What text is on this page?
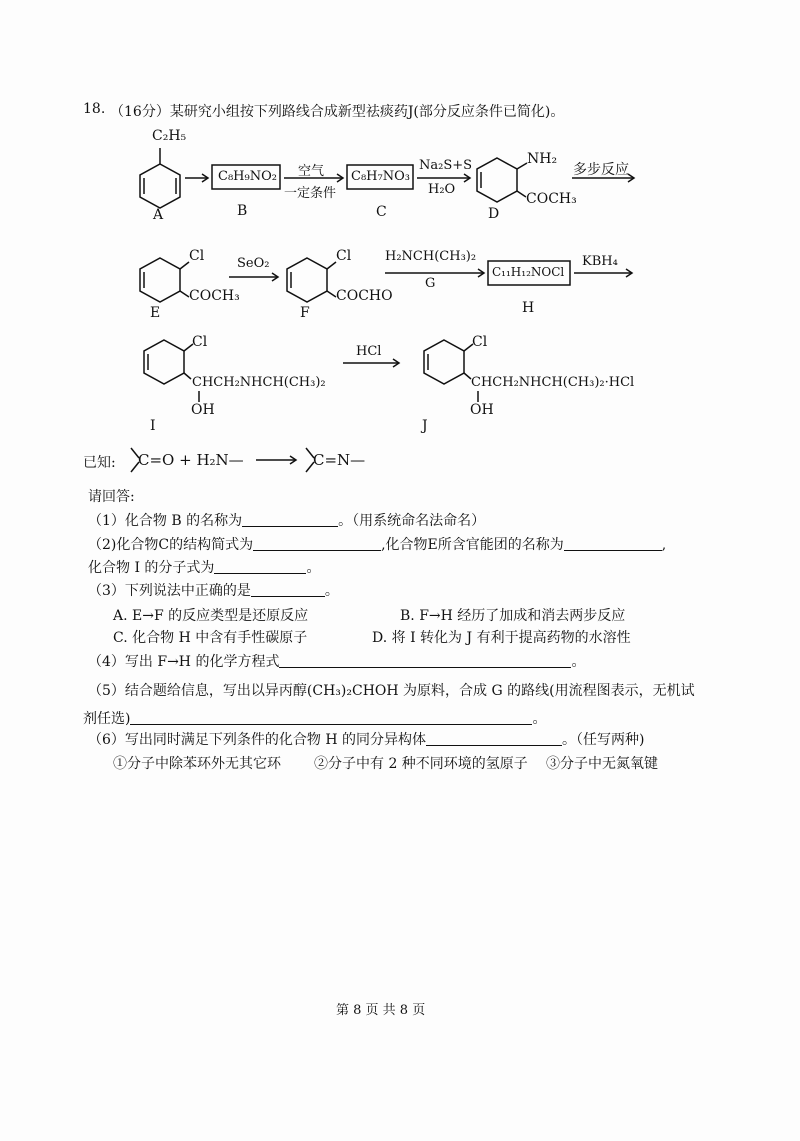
18. （16分）某研究小组按下列路线合成新型祛痰药J(部分反应条件已简化)。
C₂H₅
A
C₈H₉NO₂
B
空气
一定条件
C₈H₇NO₃
C
Na₂S+S
H₂O
NH₂
COCH₃
D
多步反应
Cl
COCH₃
E
SeO₂	Cl
COCHO
F
H₂NCH(CH₃)₂
G
C₁₁H₁₂NOCl
H
KBH₄
Cl
CHCH₂NHCH(CH₃)₂
OH
I
HCl
Cl
CHCH₂NHCH(CH₃)₂·HCl
OH
J
已知: C=O + H₂N—	C=N—
请回答:
（1）化合物 B 的名称为	。（用系统命名法命名）
（2)化合物C的结构简式为	,化合物E所含官能团的名称为	,
化合物 I 的分子式为	。
（3）下列说法中正确的是	。
A. E→F 的反应类型是还原反应	B. F→H 经历了加成和消去两步反应
C. 化合物 H 中含有手性碳原子	D. 将 I 转化为 J 有利于提高药物的水溶性
（4）写出 F→H 的化学方程式	。
（5）结合题给信息，写出以异丙醇(CH₃)₂CHOH 为原料，合成 G 的路线(用流程图表示，无机试
剂任选)	。
（6）写出同时满足下列条件的化合物 H 的同分异构体	。（任写两种)
①分子中除苯环外无其它环 ②分子中有 2 种不同环境的氢原子 ③分子中无氮氧键
第 8 页 共 8 页
